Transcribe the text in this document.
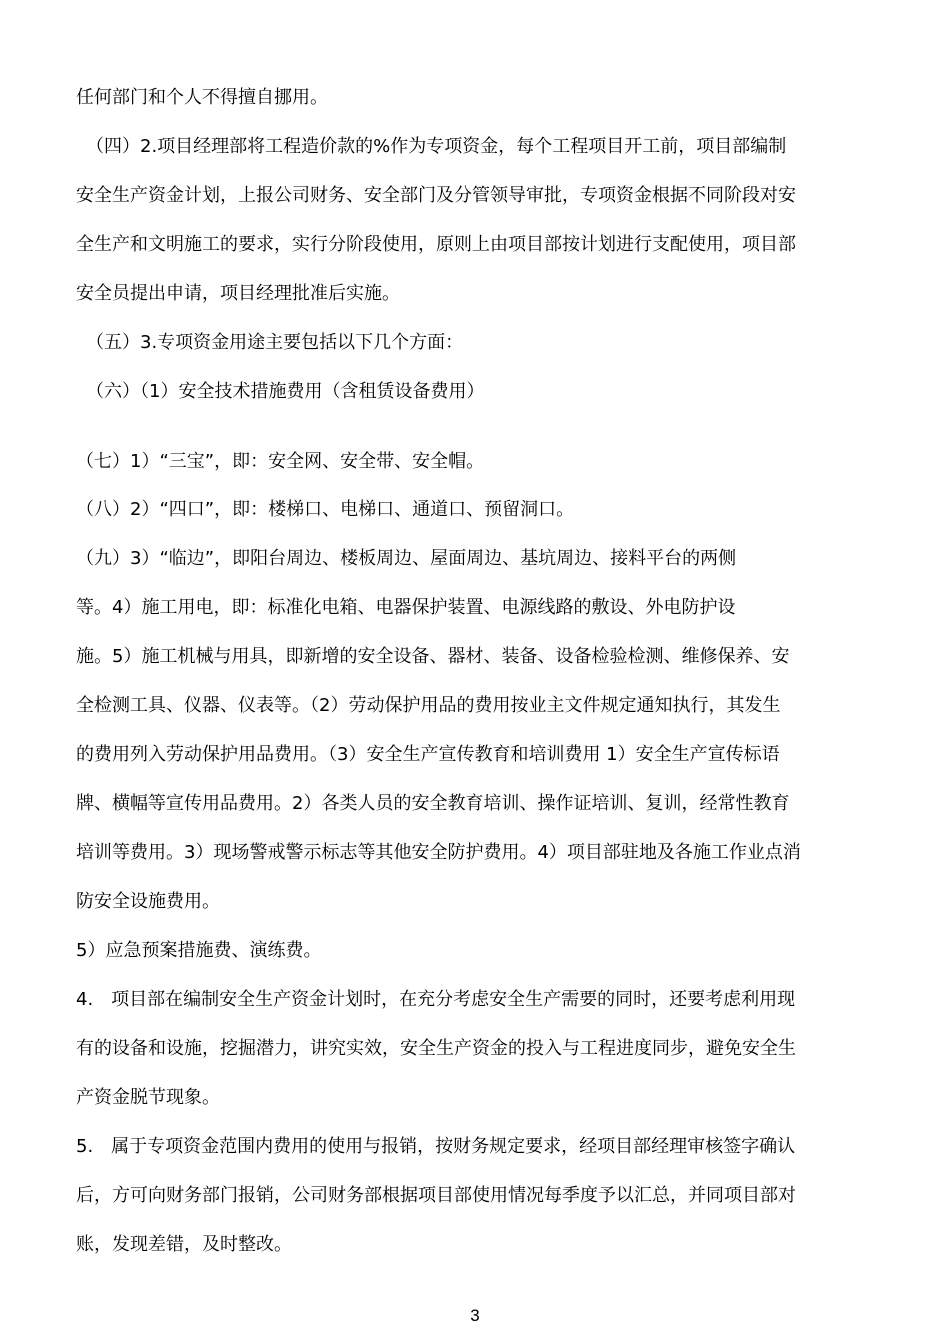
任何部门和个人不得擅自挪用。
（四）2.项目经理部将工程造价款的%作为专项资金，每个工程项目开工前，项目部编制
安全生产资金计划，上报公司财务、安全部门及分管领导审批，专项资金根据不同阶段对安
全生产和文明施工的要求，实行分阶段使用，原则上由项目部按计划进行支配使用，项目部
安全员提出申请，项目经理批准后实施。
（五）3.专项资金用途主要包括以下几个方面：
（六）（1）安全技术措施费用（含租赁设备费用）
（七）1）“三宝”，即：安全网、安全带、安全帽。
（八）2）“四口”，即：楼梯口、电梯口、通道口、预留洞口。
（九）3）“临边”，即阳台周边、楼板周边、屋面周边、基坑周边、接料平台的两侧
等。4）施工用电，即：标准化电箱、电器保护装置、电源线路的敷设、外电防护设
施。5）施工机械与用具，即新增的安全设备、器材、装备、设备检验检测、维修保养、安
全检测工具、仪器、仪表等。（2）劳动保护用品的费用按业主文件规定通知执行，其发生
的费用列入劳动保护用品费用。（3）安全生产宣传教育和培训费用 1）安全生产宣传标语
牌、横幅等宣传用品费用。2）各类人员的安全教育培训、操作证培训、复训，经常性教育
培训等费用。3）现场警戒警示标志等其他安全防护费用。4）项目部驻地及各施工作业点消
防安全设施费用。
5）应急预案措施费、演练费。
4.　项目部在编制安全生产资金计划时，在充分考虑安全生产需要的同时，还要考虑利用现
有的设备和设施，挖掘潜力，讲究实效，安全生产资金的投入与工程进度同步，避免安全生
产资金脱节现象。
5.　属于专项资金范围内费用的使用与报销，按财务规定要求，经项目部经理审核签字确认
后，方可向财务部门报销，公司财务部根据项目部使用情况每季度予以汇总，并同项目部对
账，发现差错，及时整改。
3
